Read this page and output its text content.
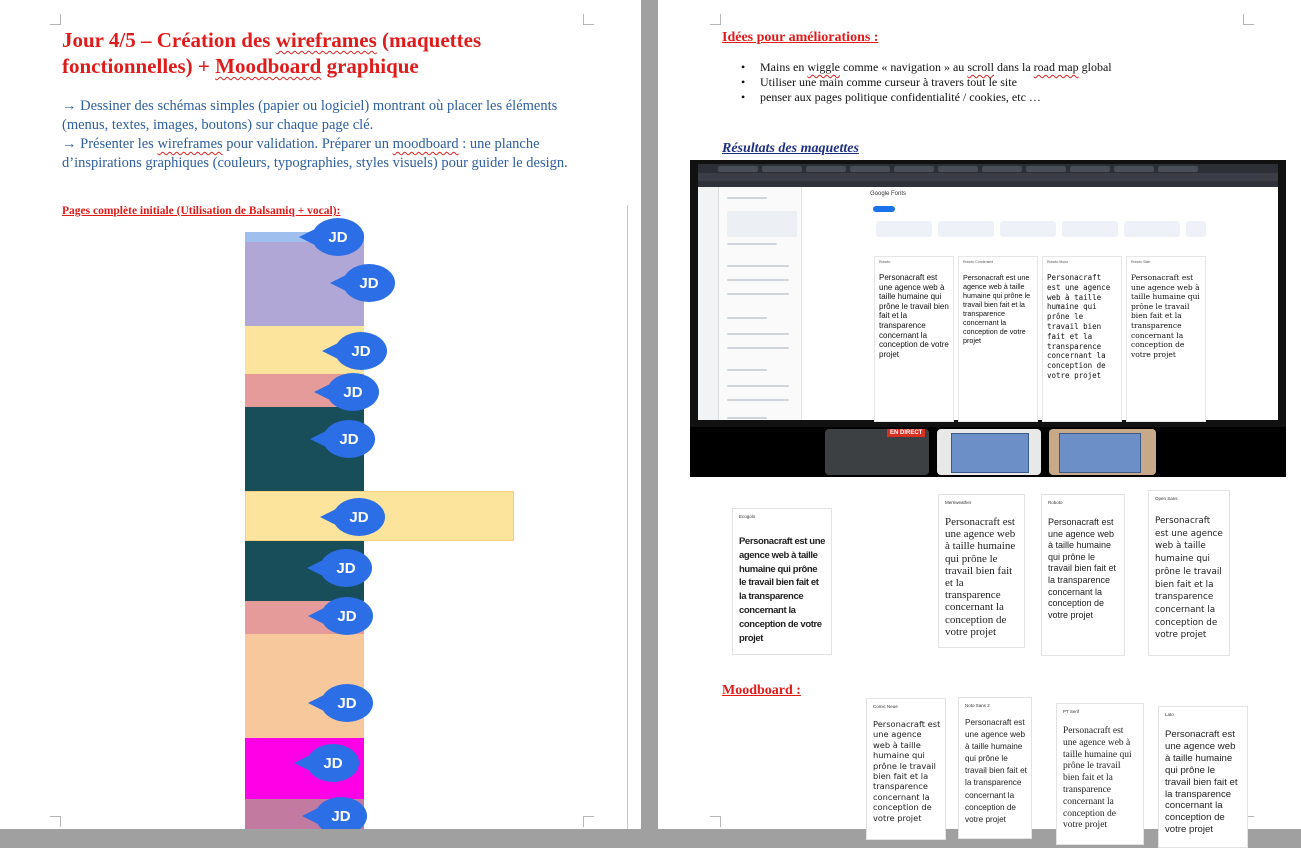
Jour 4/5 – Création des wireframes (maquettes fonctionnelles) + Moodboard graphique

→ Dessiner des schémas simples (papier ou logiciel) montrant où placer les éléments (menus, textes, images, boutons) sur chaque page clé.

→ Présenter les wireframes pour validation. Préparer un moodboard : une planche d’inspirations graphiques (couleurs, typographies, styles visuels) pour guider le design.

Pages complète initiale (Utilisation de Balsamiq + vocal):

JD
JD
JD
JD
JD
JD
JD
JD
JD
JD
JD
Idées pour améliorations :
• Mains en wiggle comme « navigation » au scroll dans la road map global
• Utiliser une main comme curseur à travers tout le site
• penser aux pages politique confidentialité / cookies, etc …
Résultats des maquettes
Google Fonts
Roboto
Personacraft est une agence web à taille humaine qui prône le travail bien fait et la transparence concernant la conception de votre projet
Roboto Condensed
Personacraft est une agence web à taille humaine qui prône le travail bien fait et la transparence concernant la conception de votre projet
Roboto Mono
Personacraft est une agence web à taille humaine qui prône le travail bien fait et la transparence concernant la conception de votre projet
Roboto Slab
Personacraft est une agence web à taille humaine qui prône le travail bien fait et la transparence concernant la conception de votre projet
EN DIRECT
Ecogolo
Personacraft est une agence web à taille humaine qui prône le travail bien fait et la transparence concernant la conception de votre projet
Merriweather
Personacraft est une agence web à taille humaine qui prône le travail bien fait et la transparence concernant la conception de votre projet
Roboto
Personacraft est une agence web à taille humaine qui prône le travail bien fait et la transparence concernant la conception de votre projet
Open Sans
Personacraft est une agence web à taille humaine qui prône le travail bien fait et la transparence concernant la conception de votre projet
Moodboard :
Comic Neue
Personacraft est une agence web à taille humaine qui prône le travail bien fait et la transparence concernant la conception de votre projet
Noto Sans 2
Personacraft est une agence web à taille humaine qui prône le travail bien fait et la transparence concernant la conception de votre projet
PT Serif
Personacraft est une agence web à taille humaine qui prône le travail bien fait et la transparence concernant la conception de votre projet
Lato
Personacraft est une agence web à taille humaine qui prône le travail bien fait et la transparence concernant la conception de votre projet
